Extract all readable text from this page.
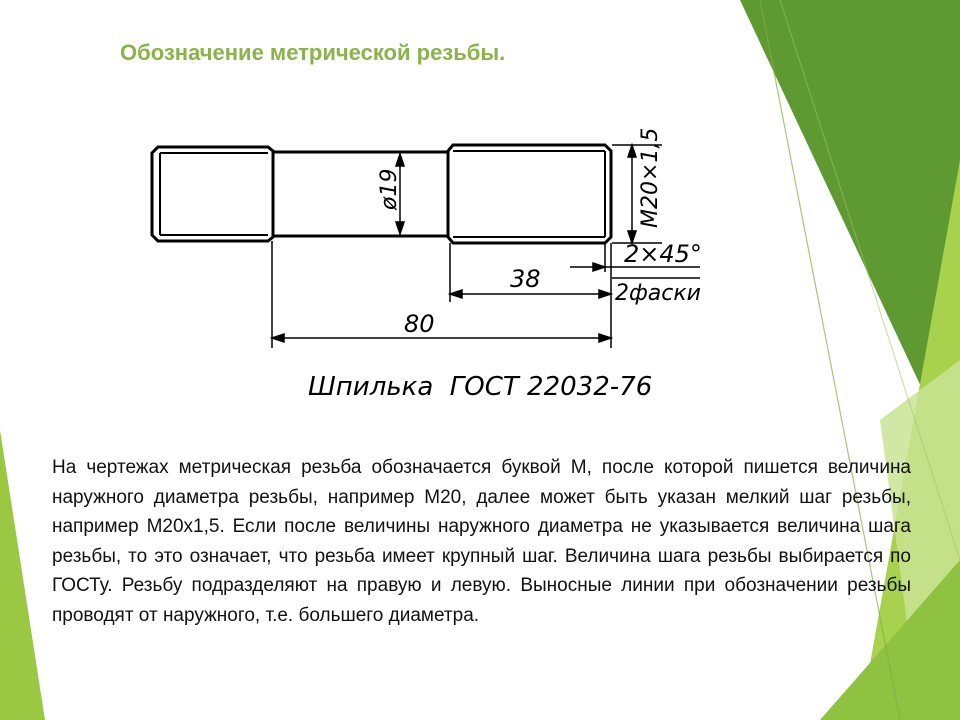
Обозначение метрической резьбы.
ø19	M20×1,5
2×45°
38
80
2фаски
Шпилька  ГОСТ 22032-76

На чертежах метрическая резьба обозначается буквой М, после которой пишется величина наружного диаметра резьбы, например М20, далее может быть указан мелкий шаг резьбы, например М20х1,5. Если после величины наружного диаметра не указывается величина шага резьбы, то это означает, что резьба имеет крупный шаг. Величина шага резьбы выбирается по ГОСТу. Резьбу подразделяют на правую и левую. Выносные линии при обозначении резьбы проводят от наружного, т.е. большего диаметра.
